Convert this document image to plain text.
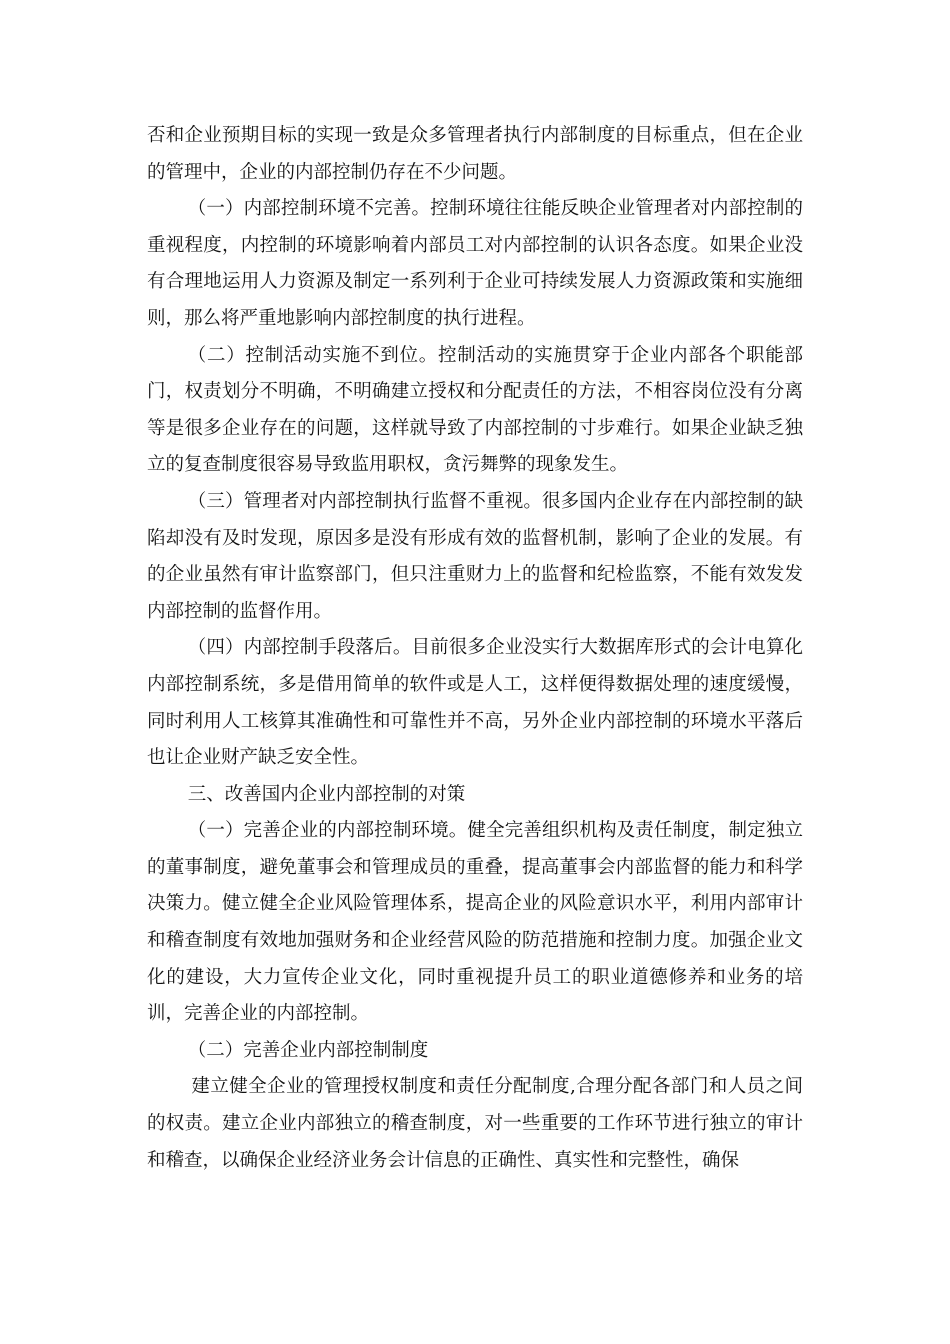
否和企业预期目标的实现一致是众多管理者执行内部制度的目标重点，但在企业的管理中，企业的内部控制仍存在不少问题。

（一）内部控制环境不完善。控制环境往往能反映企业管理者对内部控制的重视程度，内控制的环境影响着内部员工对内部控制的认识各态度。如果企业没有合理地运用人力资源及制定一系列利于企业可持续发展人力资源政策和实施细则，那么将严重地影响内部控制度的执行进程。

（二）控制活动实施不到位。控制活动的实施贯穿于企业内部各个职能部门，权责划分不明确，不明确建立授权和分配责任的方法，不相容岗位没有分离等是很多企业存在的问题，这样就导致了内部控制的寸步难行。如果企业缺乏独立的复查制度很容易导致监用职权，贪污舞弊的现象发生。

（三）管理者对内部控制执行监督不重视。很多国内企业存在内部控制的缺陷却没有及时发现，原因多是没有形成有效的监督机制，影响了企业的发展。有的企业虽然有审计监察部门，但只注重财力上的监督和纪检监察，不能有效发发内部控制的监督作用。

（四）内部控制手段落后。目前很多企业没实行大数据库形式的会计电算化内部控制系统，多是借用简单的软件或是人工，这样便得数据处理的速度缓慢，同时利用人工核算其准确性和可靠性并不高，另外企业内部控制的环境水平落后也让企业财产缺乏安全性。

三、改善国内企业内部控制的对策

（一）完善企业的内部控制环境。健全完善组织机构及责任制度，制定独立的董事制度，避免董事会和管理成员的重叠，提高董事会内部监督的能力和科学决策力。健立健全企业风险管理体系，提高企业的风险意识水平，利用内部审计和稽查制度有效地加强财务和企业经营风险的防范措施和控制力度。加强企业文化的建设，大力宣传企业文化，同时重视提升员工的职业道德修养和业务的培训，完善企业的内部控制。

（二）完善企业内部控制制度

建立健全企业的管理授权制度和责任分配制度,合理分配各部门和人员之间的权责。建立企业内部独立的稽查制度，对一些重要的工作环节进行独立的审计和稽查，以确保企业经济业务会计信息的正确性、真实性和完整性，确保
